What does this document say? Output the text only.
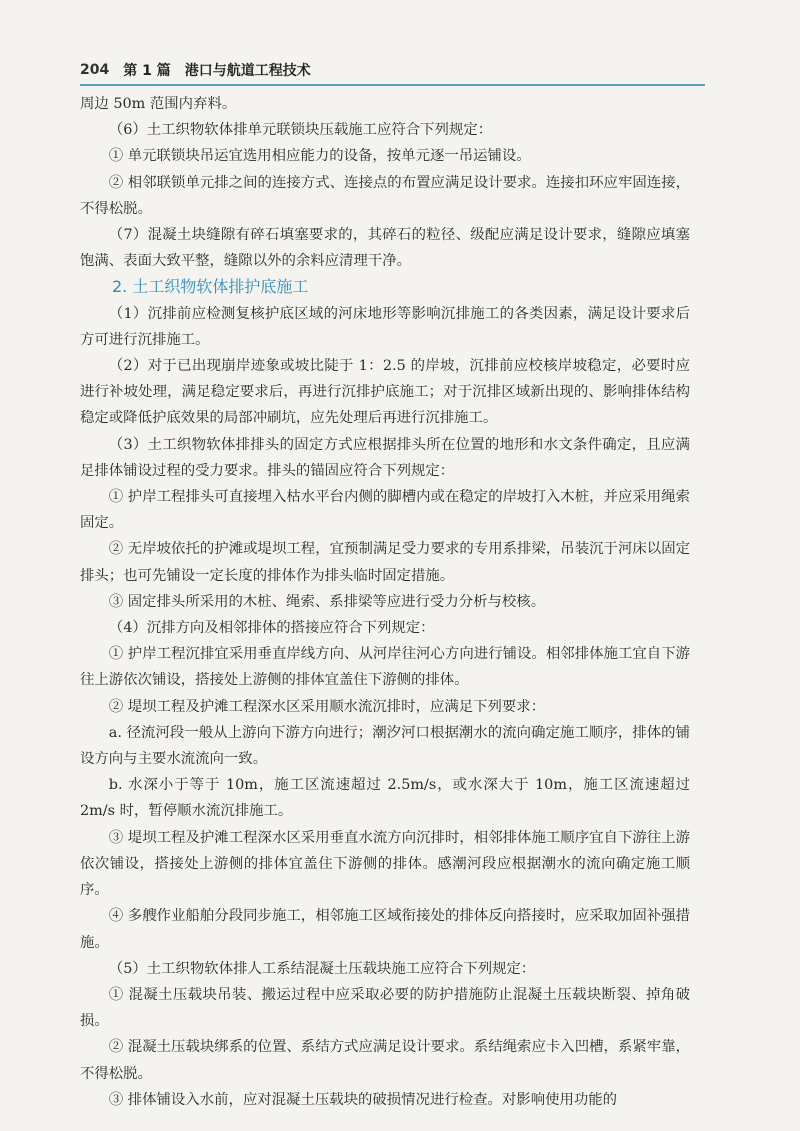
204 第 1 篇 港口与航道工程技术

周边 50m 范围内弃料。

（6）土工织物软体排单元联锁块压载施工应符合下列规定：

① 单元联锁块吊运宜选用相应能力的设备，按单元逐一吊运铺设。

② 相邻联锁单元排之间的连接方式、连接点的布置应满足设计要求。连接扣环应牢固连接，不得松脱。

（7）混凝土块缝隙有碎石填塞要求的，其碎石的粒径、级配应满足设计要求，缝隙应填塞饱满、表面大致平整，缝隙以外的余料应清理干净。

2. 土工织物软体排护底施工

（1）沉排前应检测复核护底区域的河床地形等影响沉排施工的各类因素，满足设计要求后方可进行沉排施工。

（2）对于已出现崩岸迹象或坡比陡于 1：2.5 的岸坡，沉排前应校核岸坡稳定，必要时应进行补坡处理，满足稳定要求后，再进行沉排护底施工；对于沉排区域新出现的、影响排体结构稳定或降低护底效果的局部冲刷坑，应先处理后再进行沉排施工。

（3）土工织物软体排排头的固定方式应根据排头所在位置的地形和水文条件确定，且应满足排体铺设过程的受力要求。排头的锚固应符合下列规定：

① 护岸工程排头可直接埋入枯水平台内侧的脚槽内或在稳定的岸坡打入木桩，并应采用绳索固定。

② 无岸坡依托的护滩或堤坝工程，宜预制满足受力要求的专用系排梁，吊装沉于河床以固定排头；也可先铺设一定长度的排体作为排头临时固定措施。

③ 固定排头所采用的木桩、绳索、系排梁等应进行受力分析与校核。

（4）沉排方向及相邻排体的搭接应符合下列规定：

① 护岸工程沉排宜采用垂直岸线方向、从河岸往河心方向进行铺设。相邻排体施工宜自下游往上游依次铺设，搭接处上游侧的排体宜盖住下游侧的排体。

② 堤坝工程及护滩工程深水区采用顺水流沉排时，应满足下列要求：

a. 径流河段一般从上游向下游方向进行；潮汐河口根据潮水的流向确定施工顺序，排体的铺设方向与主要水流流向一致。

b. 水深小于等于 10m，施工区流速超过 2.5m/s，或水深大于 10m，施工区流速超过 2m/s 时，暂停顺水流沉排施工。

③ 堤坝工程及护滩工程深水区采用垂直水流方向沉排时，相邻排体施工顺序宜自下游往上游依次铺设，搭接处上游侧的排体宜盖住下游侧的排体。感潮河段应根据潮水的流向确定施工顺序。

④ 多艘作业船舶分段同步施工，相邻施工区域衔接处的排体反向搭接时，应采取加固补强措施。

（5）土工织物软体排人工系结混凝土压载块施工应符合下列规定：

① 混凝土压载块吊装、搬运过程中应采取必要的防护措施防止混凝土压载块断裂、掉角破损。

② 混凝土压载块绑系的位置、系结方式应满足设计要求。系结绳索应卡入凹槽，系紧牢靠，不得松脱。

③ 排体铺设入水前，应对混凝土压载块的破损情况进行检查。对影响使用功能的
